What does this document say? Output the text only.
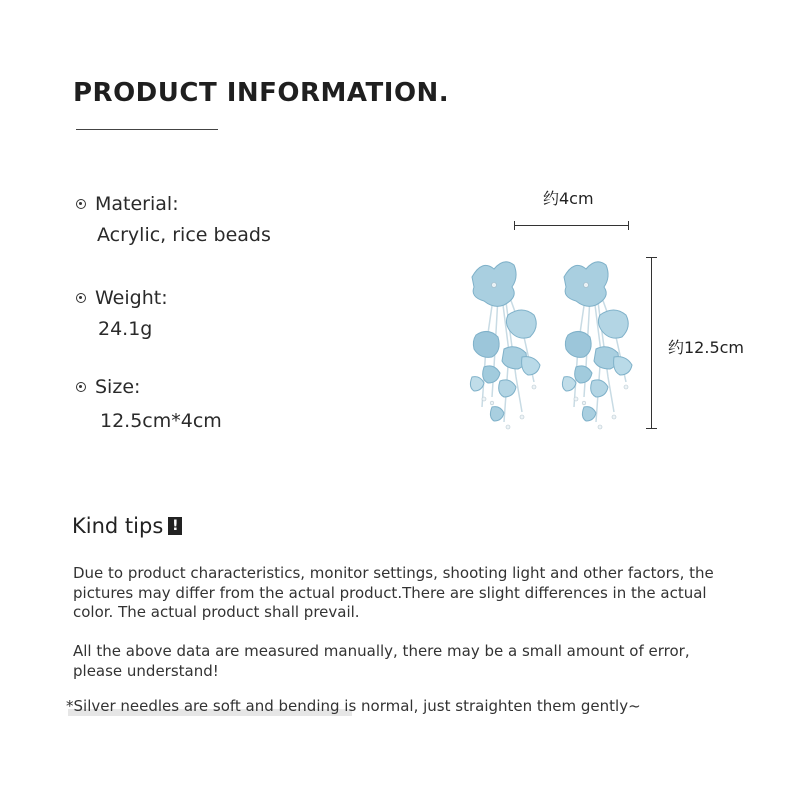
PRODUCT INFORMATION.
Material:
Acrylic, rice beads
Weight:
24.1g
Size:
12.5cm*4cm
约4cm
约12.5cm
Kind tips !
Due to product characteristics, monitor settings, shooting light and other factors, the pictures may differ from the actual product.There are slight differences in the actual color. The actual product shall prevail.
All the above data are measured manually, there may be a small amount of error, please understand!
*Silver needles are soft and bending is normal, just straighten them gently~
